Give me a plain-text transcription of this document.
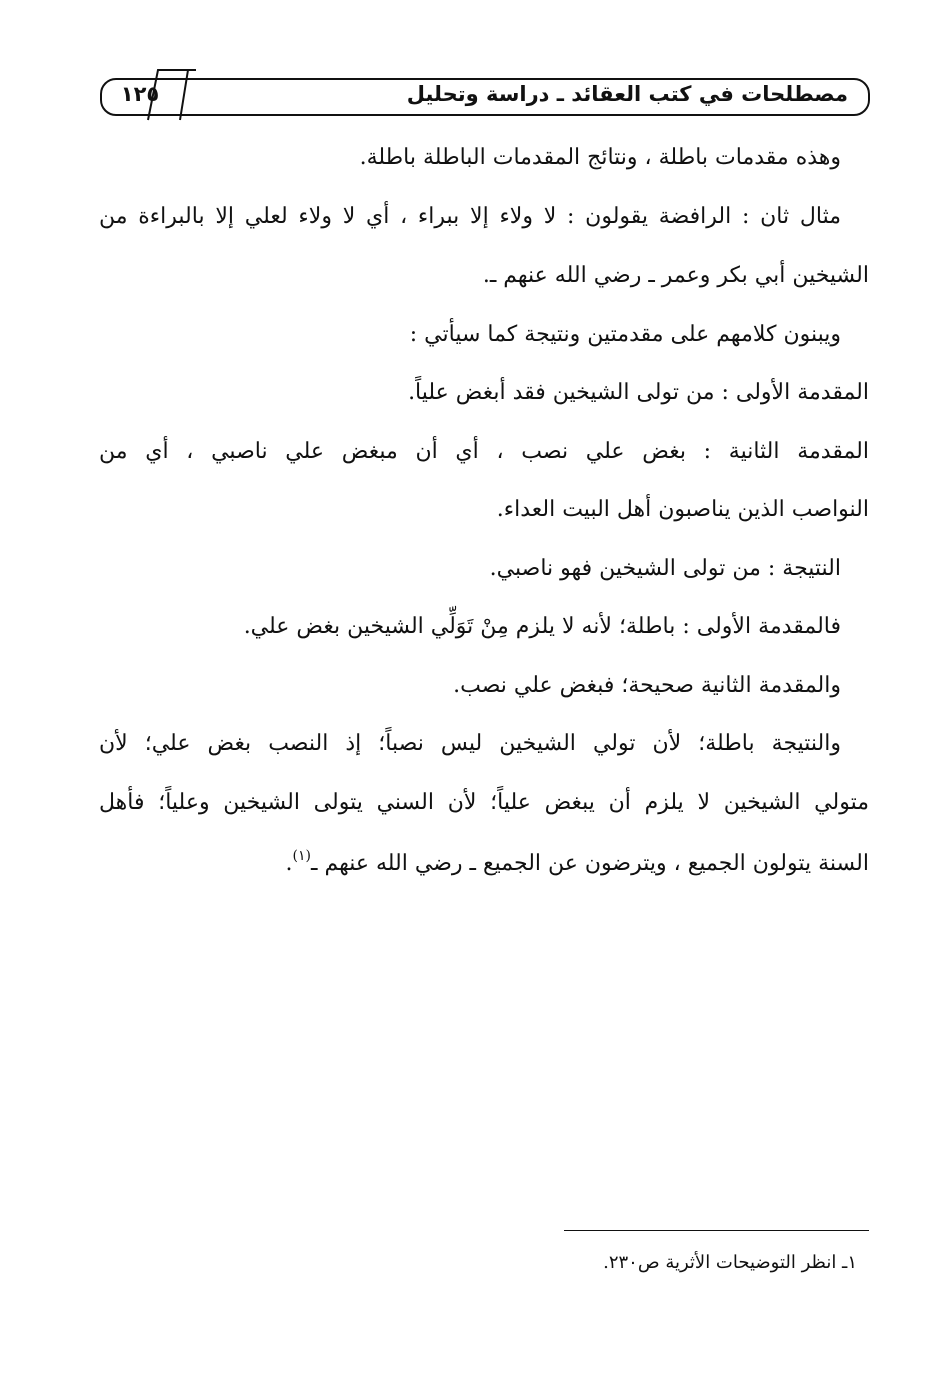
مصطلحات في كتب العقائد ـ دراسة وتحليل
١٢٥
وهذه مقدمات باطلة ، ونتائج المقدمات الباطلة باطلة.
مثال ثان : الرافضة يقولون : لا ولاء إلا ببراء ، أي لا ولاء لعلي إلا بالبراءة من
الشيخين أبي بكر وعمر ـ رضي الله عنهم ـ.
ويبنون كلامهم على مقدمتين ونتيجة كما سيأتي :
المقدمة الأولى : من تولى الشيخين فقد أبغض علياً.
المقدمة الثانية : بغض علي نصب ، أي أن مبغض علي ناصبي ، أي من
النواصب الذين يناصبون أهل البيت العداء.
النتيجة : من تولى الشيخين فهو ناصبي.
فالمقدمة الأولى : باطلة؛ لأنه لا يلزم مِنْ تَوَلِّي الشيخين بغض علي.
والمقدمة الثانية صحيحة؛ فبغض علي نصب.
والنتيجة باطلة؛ لأن تولي الشيخين ليس نصباً؛ إذ النصب بغض علي؛ لأن
متولي الشيخين لا يلزم أن يبغض علياً؛ لأن السني يتولى الشيخين وعلياً؛ فأهل
السنة يتولون الجميع ، ويترضون عن الجميع ـ رضي الله عنهم ـ$^{(١)}$.
١ـ انظر التوضيحات الأثرية ص٢٣٠.
